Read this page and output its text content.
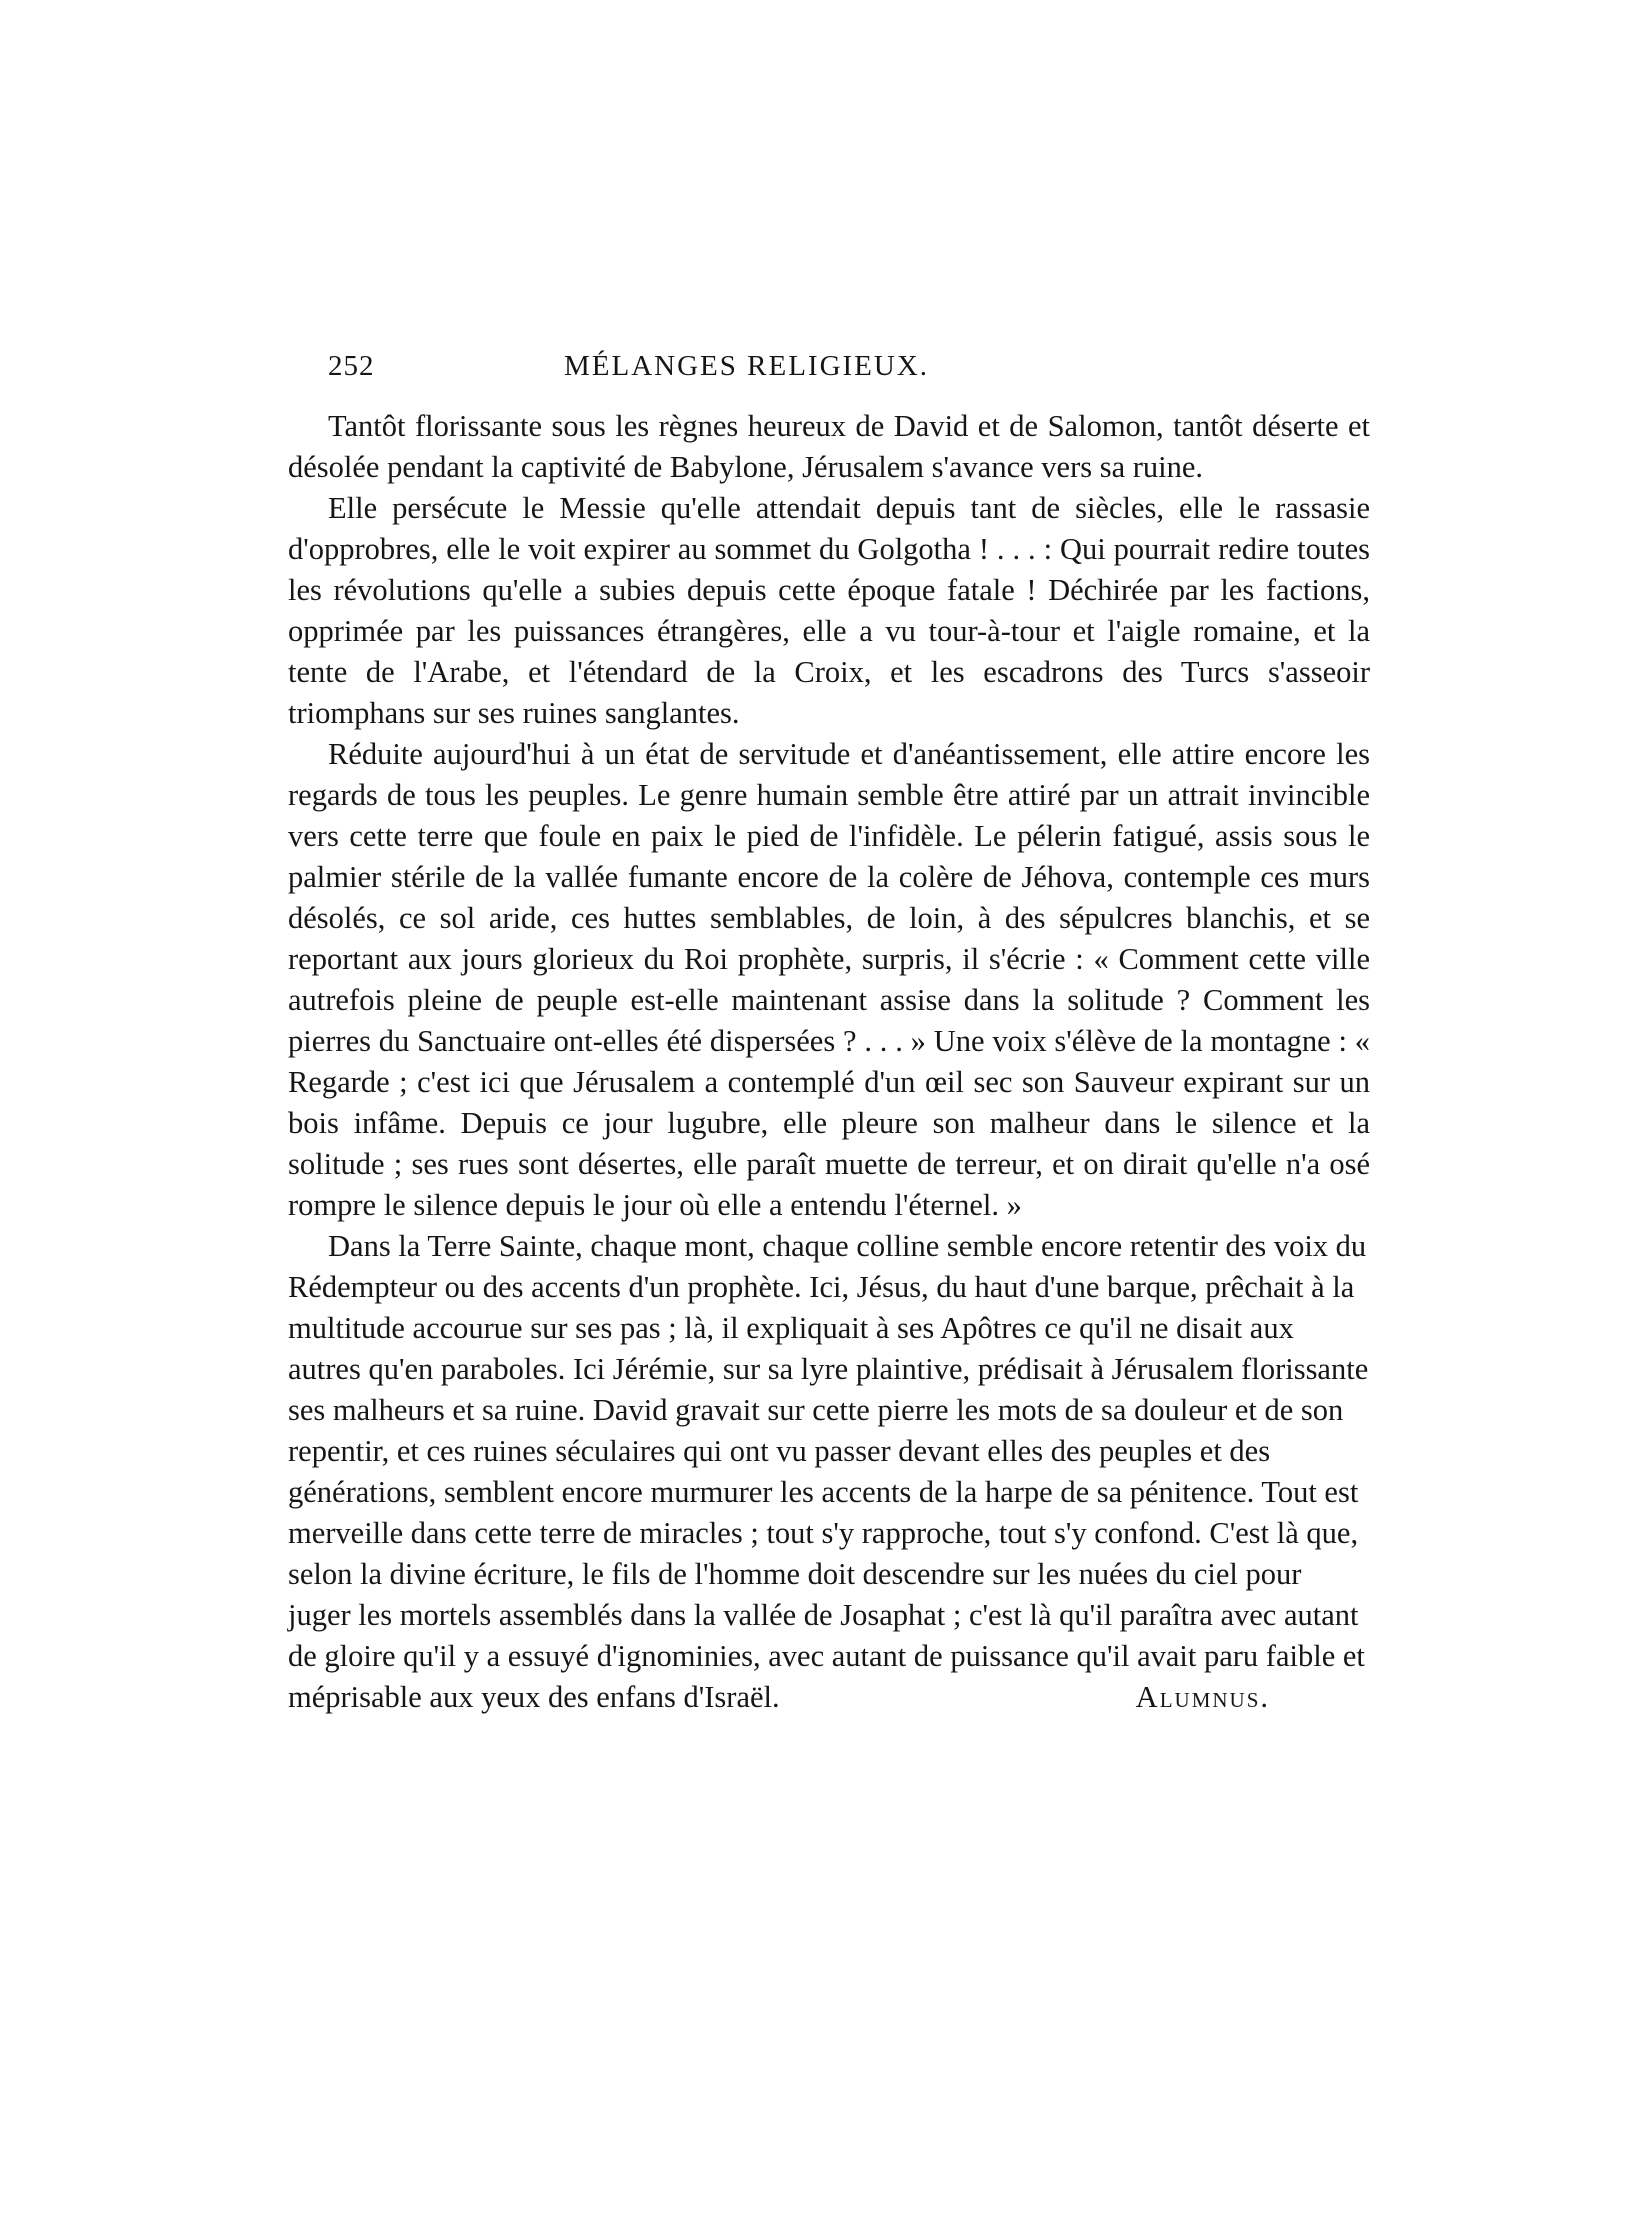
252	MÉLANGES RELIGIEUX.

Tantôt florissante sous les règnes heureux de David et de Salomon, tantôt déserte et désolée pendant la captivité de Babylone, Jérusalem s'avance vers sa ruine.

Elle persécute le Messie qu'elle attendait depuis tant de siècles, elle le rassasie d'opprobres, elle le voit expirer au sommet du Golgotha ! . . . : Qui pourrait redire toutes les révolutions qu'elle a subies depuis cette époque fatale ! Déchirée par les factions, opprimée par les puissances étrangères, elle a vu tour-à-tour et l'aigle romaine, et la tente de l'Arabe, et l'étendard de la Croix, et les escadrons des Turcs s'asseoir triomphans sur ses ruines sanglantes.

Réduite aujourd'hui à un état de servitude et d'anéantissement, elle attire encore les regards de tous les peuples. Le genre humain semble être attiré par un attrait invincible vers cette terre que foule en paix le pied de l'infidèle. Le pélerin fatigué, assis sous le palmier stérile de la vallée fumante encore de la colère de Jéhova, contemple ces murs désolés, ce sol aride, ces huttes semblables, de loin, à des sépulcres blanchis, et se reportant aux jours glorieux du Roi prophète, surpris, il s'écrie : « Comment cette ville autrefois pleine de peuple est-elle maintenant assise dans la solitude ? Comment les pierres du Sanctuaire ont-elles été dispersées ? . . . » Une voix s'élève de la montagne : « Regarde ; c'est ici que Jérusalem a contemplé d'un œil sec son Sauveur expirant sur un bois infâme. Depuis ce jour lugubre, elle pleure son malheur dans le silence et la solitude ; ses rues sont désertes, elle paraît muette de terreur, et on dirait qu'elle n'a osé rompre le silence depuis le jour où elle a entendu l'éternel. »

Dans la Terre Sainte, chaque mont, chaque colline semble encore retentir des voix du Rédempteur ou des accents d'un prophète. Ici, Jésus, du haut d'une barque, prêchait à la multitude accourue sur ses pas ; là, il expliquait à ses Apôtres ce qu'il ne disait aux autres qu'en paraboles. Ici Jérémie, sur sa lyre plaintive, prédisait à Jérusalem florissante ses malheurs et sa ruine. David gravait sur cette pierre les mots de sa douleur et de son repentir, et ces ruines séculaires qui ont vu passer devant elles des peuples et des générations, semblent encore murmurer les accents de la harpe de sa pénitence. Tout est merveille dans cette terre de miracles ; tout s'y rapproche, tout s'y confond. C'est là que, selon la divine écriture, le fils de l'homme doit descendre sur les nuées du ciel pour juger les mortels assemblés dans la vallée de Josaphat ; c'est là qu'il paraîtra avec autant de gloire qu'il y a essuyé d'ignominies, avec autant de puissance qu'il avait paru faible et méprisable aux yeux des enfans d'Israël.	Alumnus.
